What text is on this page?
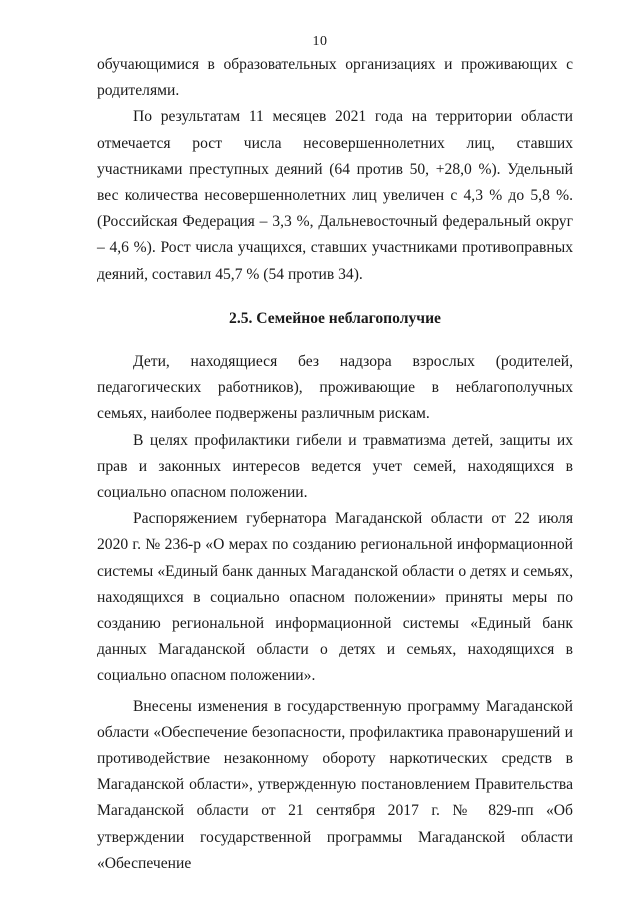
10

обучающимися в образовательных организациях и проживающих с родителями.

По результатам 11 месяцев 2021 года на территории области отмечается рост числа несовершеннолетних лиц, ставших участниками преступных деяний (64 против 50, +28,0 %). Удельный вес количества несовершеннолетних лиц увеличен с 4,3 % до 5,8 %. (Российская Федерация – 3,3 %, Дальневосточный федеральный округ – 4,6 %). Рост числа учащихся, ставших участниками противоправных деяний, составил 45,7 % (54 против 34).

2.5. Семейное неблагополучие

Дети, находящиеся без надзора взрослых (родителей, педагогических работников), проживающие в неблагополучных семьях, наиболее подвержены различным рискам.

В целях профилактики гибели и травматизма детей, защиты их прав и законных интересов ведется учет семей, находящихся в социально опасном положении.

Распоряжением губернатора Магаданской области от 22 июля 2020 г. № 236-р «О мерах по созданию региональной информационной системы «Единый банк данных Магаданской области о детях и семьях, находящихся в социально опасном положении» приняты меры по созданию региональной информационной системы «Единый банк данных Магаданской области о детях и семьях, находящихся в социально опасном положении».

Внесены изменения в государственную программу Магаданской области «Обеспечение безопасности, профилактика правонарушений и противодействие незаконному обороту наркотических средств в Магаданской области», утвержденную постановлением Правительства Магаданской области от 21 сентября 2017 г. № 829-пп «Об утверждении государственной программы Магаданской области «Обеспечение
